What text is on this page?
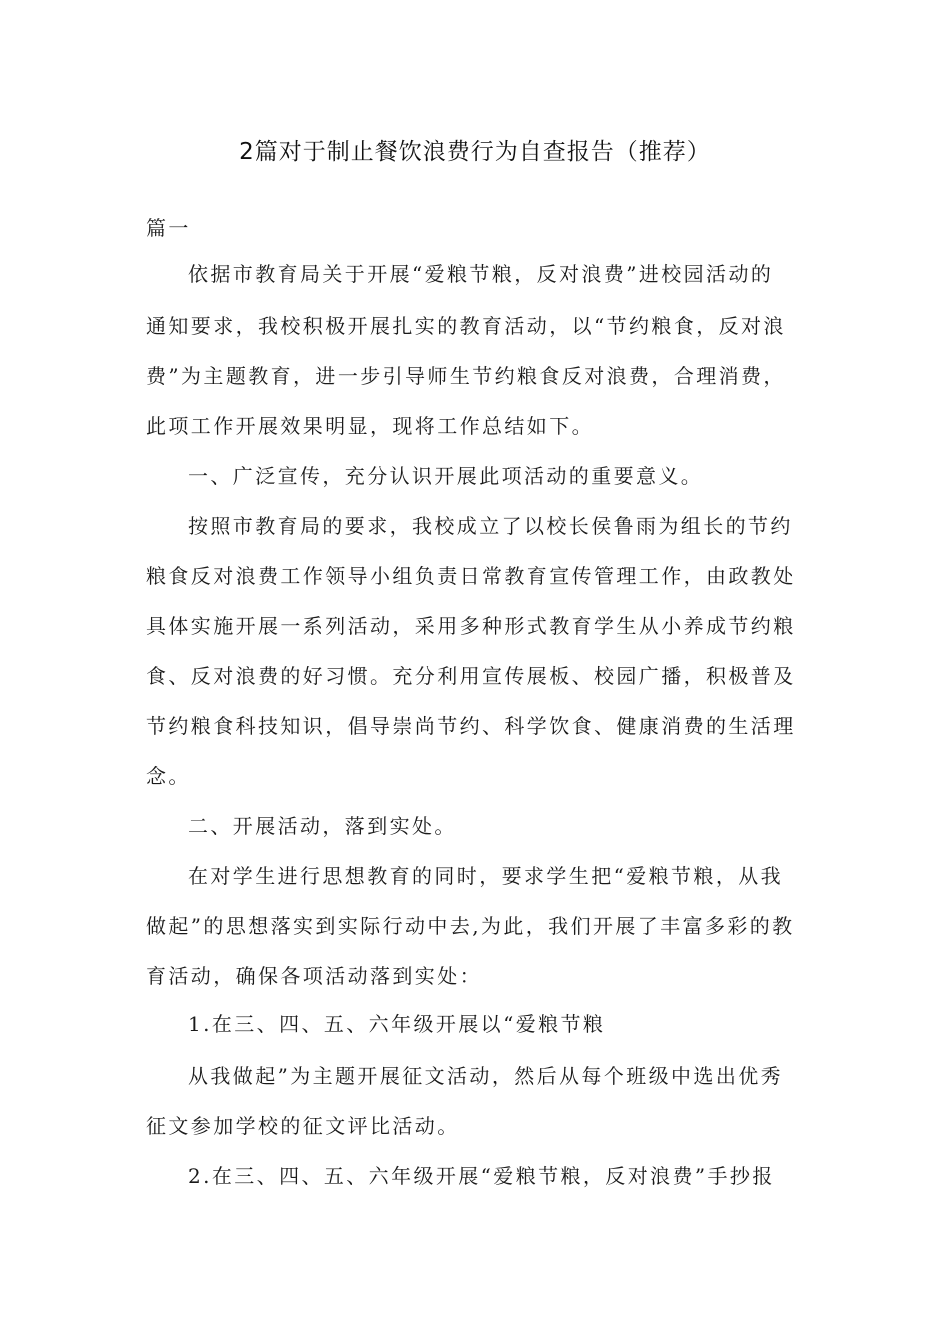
2篇对于制止餐饮浪费行为自查报告（推荐）

篇一

依据市教育局关于开展“爱粮节粮，反对浪费”进校园活动的

通知要求，我校积极开展扎实的教育活动，以“节约粮食，反对浪

费”为主题教育，进一步引导师生节约粮食反对浪费，合理消费，

此项工作开展效果明显，现将工作总结如下。

一、广泛宣传，充分认识开展此项活动的重要意义。

按照市教育局的要求，我校成立了以校长侯鲁雨为组长的节约

粮食反对浪费工作领导小组负责日常教育宣传管理工作，由政教处

具体实施开展一系列活动，采用多种形式教育学生从小养成节约粮

食、反对浪费的好习惯。充分利用宣传展板、校园广播，积极普及

节约粮食科技知识，倡导崇尚节约、科学饮食、健康消费的生活理

念。

二、开展活动，落到实处。

在对学生进行思想教育的同时，要求学生把“爱粮节粮，从我

做起”的思想落实到实际行动中去,为此，我们开展了丰富多彩的教

育活动，确保各项活动落到实处：

1.在三、四、五、六年级开展以“爱粮节粮

从我做起”为主题开展征文活动，然后从每个班级中选出优秀

征文参加学校的征文评比活动。

2.在三、四、五、六年级开展“爱粮节粮，反对浪费”手抄报
